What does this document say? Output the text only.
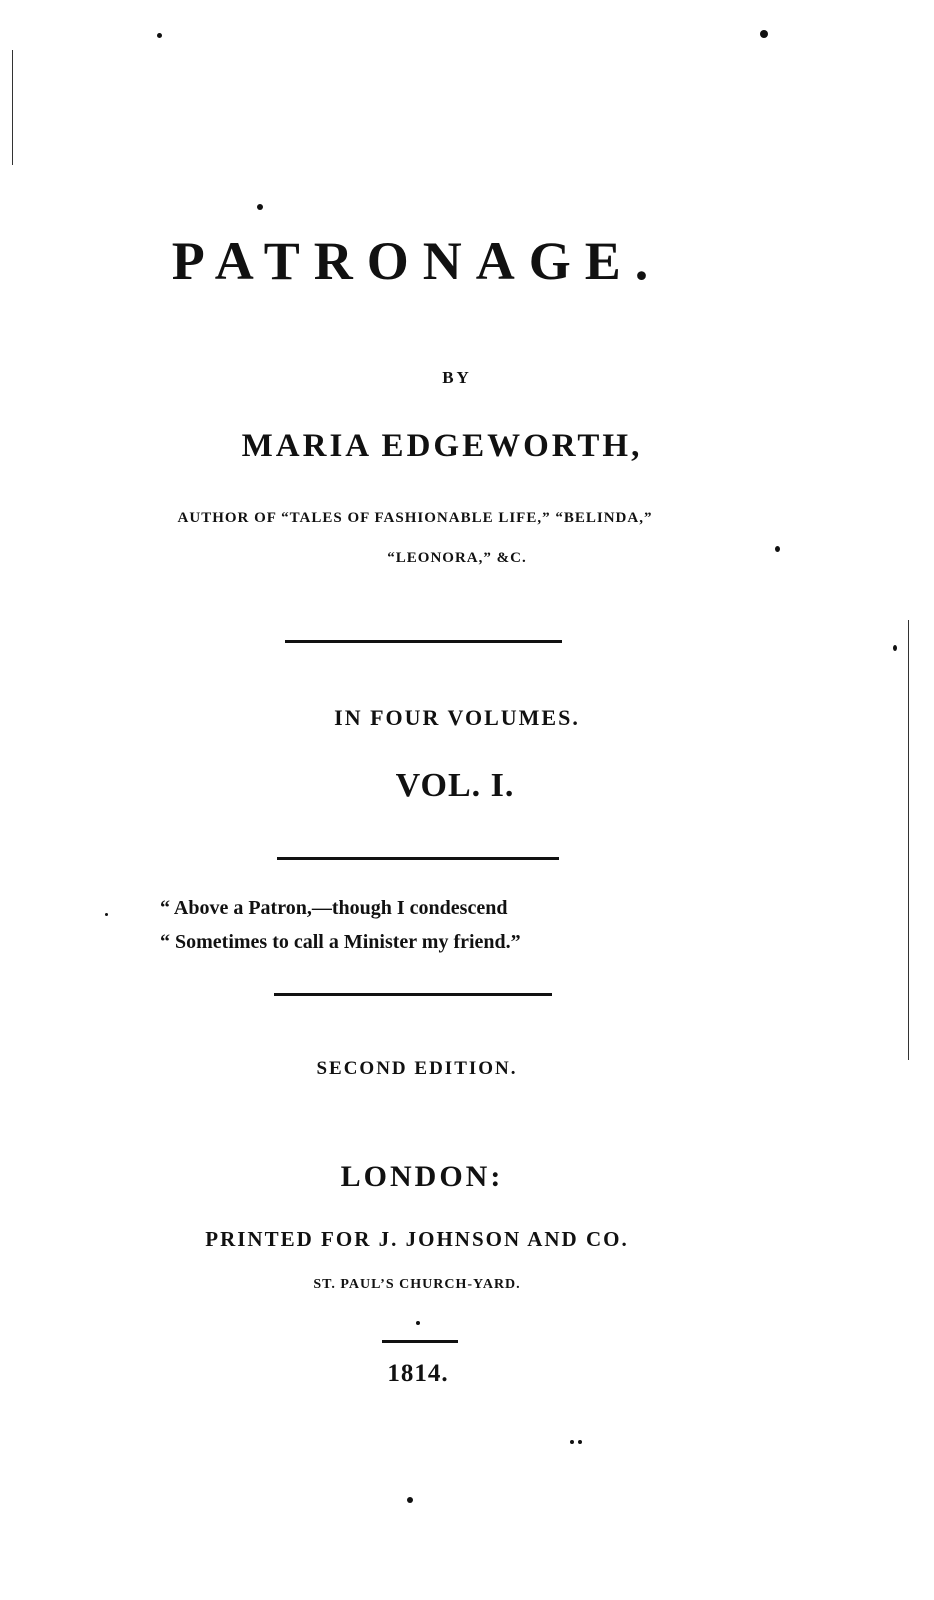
PATRONAGE.
BY
MARIA EDGEWORTH,
AUTHOR OF “TALES OF FASHIONABLE LIFE,” “BELINDA,”
“LEONORA,” &C.
IN FOUR VOLUMES.
VOL. I.
“ Above a Patron,—though I condescend
“ Sometimes to call a Minister my friend.”
SECOND EDITION.
LONDON:
PRINTED FOR J. JOHNSON AND CO.
ST. PAUL’S CHURCH-YARD.
1814.
